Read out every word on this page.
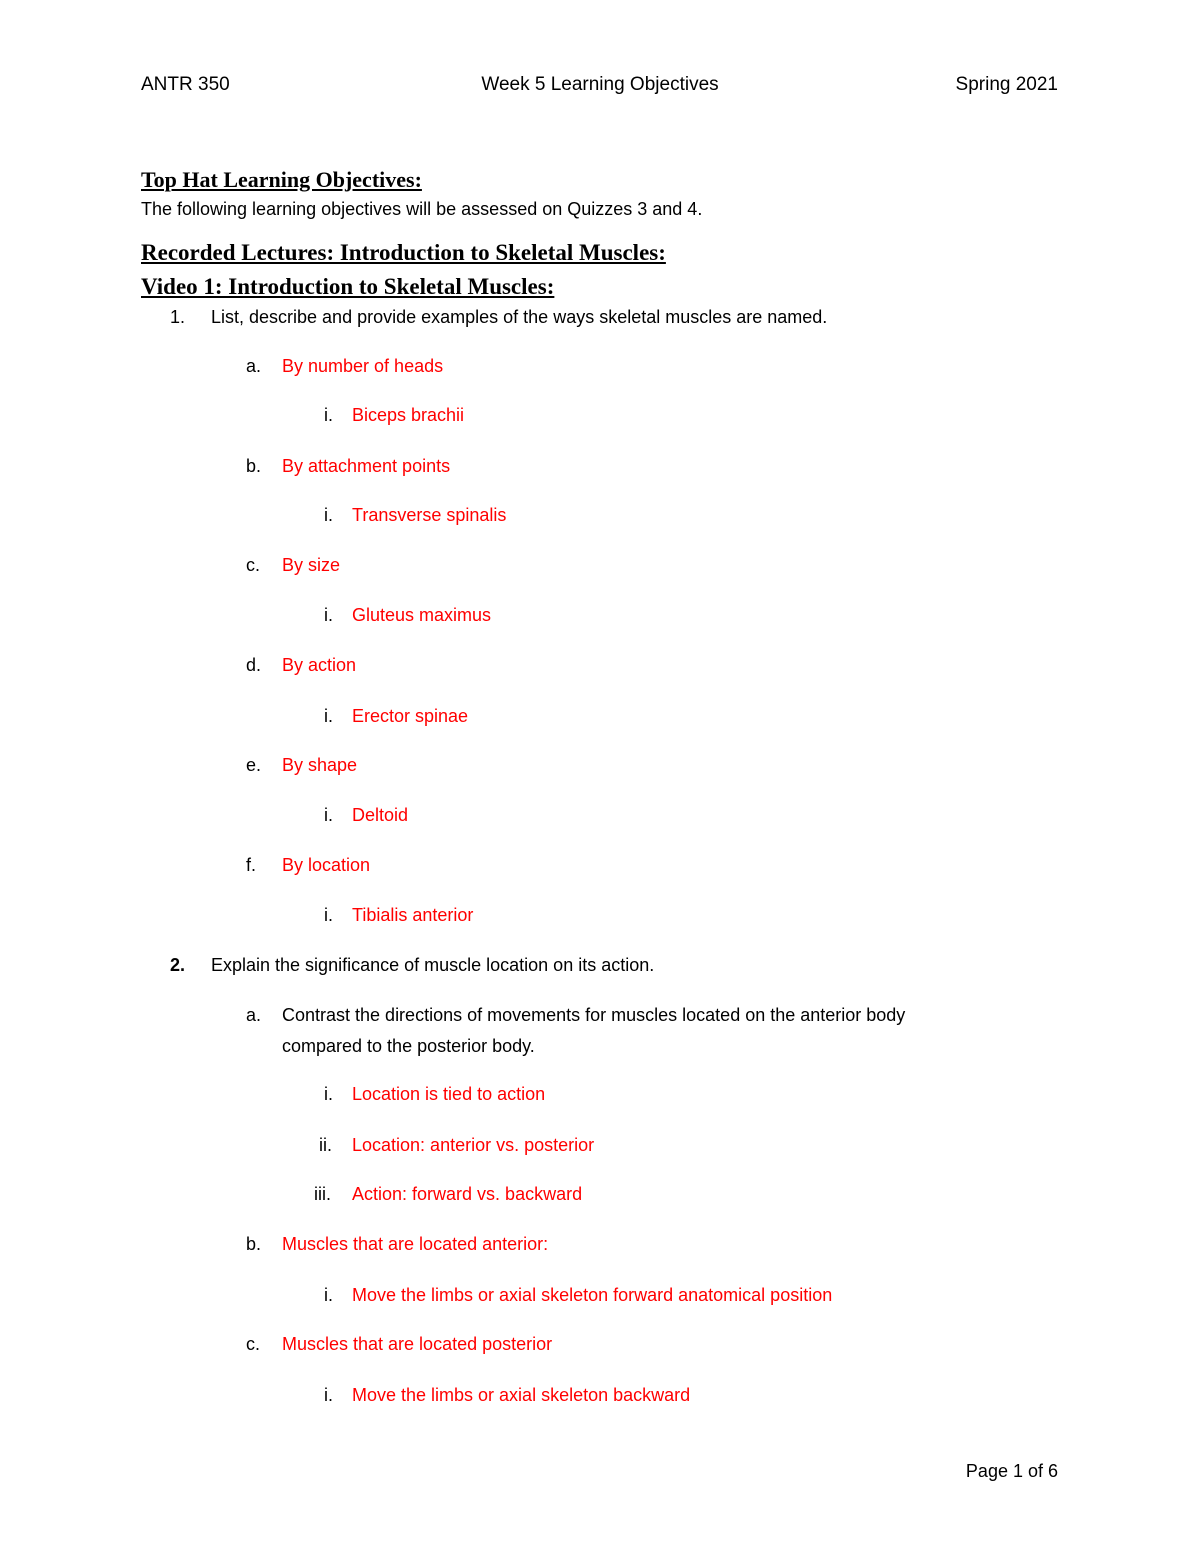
ANTR 350	Week 5 Learning Objectives	Spring 2021
Top Hat Learning Objectives:
The following learning objectives will be assessed on Quizzes 3 and 4.
Recorded Lectures: Introduction to Skeletal Muscles:
Video 1: Introduction to Skeletal Muscles:
1. List, describe and provide examples of the ways skeletal muscles are named.
a. By number of heads
i. Biceps brachii
b. By attachment points
i. Transverse spinalis
c. By size
i. Gluteus maximus
d. By action
i. Erector spinae
e. By shape
i. Deltoid
f. By location
i. Tibialis anterior
2. Explain the significance of muscle location on its action.
a. Contrast the directions of movements for muscles located on the anterior body
compared to the posterior body.
i. Location is tied to action
ii. Location: anterior vs. posterior
iii. Action: forward vs. backward
b. Muscles that are located anterior:
i. Move the limbs or axial skeleton forward anatomical position
c. Muscles that are located posterior
i. Move the limbs or axial skeleton backward
Page 1 of 6
